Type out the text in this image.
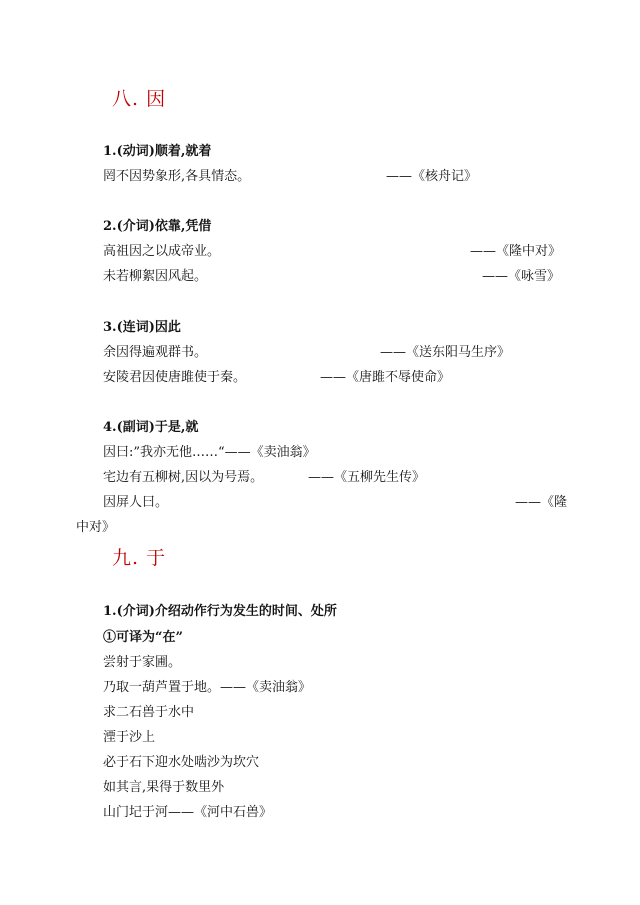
八. 因
1.(动词)顺着,就着
罔不因势象形,各具情态。	——《核舟记》
2.(介词)依靠,凭借
高祖因之以成帝业。	——《隆中对》
未若柳絮因风起。	——《咏雪》
3.(连词)因此
余因得遍观群书。	——《送东阳马生序》
安陵君因使唐雎使于秦。	——《唐雎不辱使命》
4.(副词)于是,就
因曰:”我亦无他……“——《卖油翁》
宅边有五柳树,因以为号焉。	——《五柳先生传》
因屏人曰。	——《隆
中对》
九. 于
1.(介词)介绍动作行为发生的时间、处所
①可译为“在”
尝射于家圃。
乃取一葫芦置于地。——《卖油翁》
求二石兽于水中
湮于沙上
必于石下迎水处啮沙为坎穴
如其言,果得于数里外
山门圮于河——《河中石兽》
